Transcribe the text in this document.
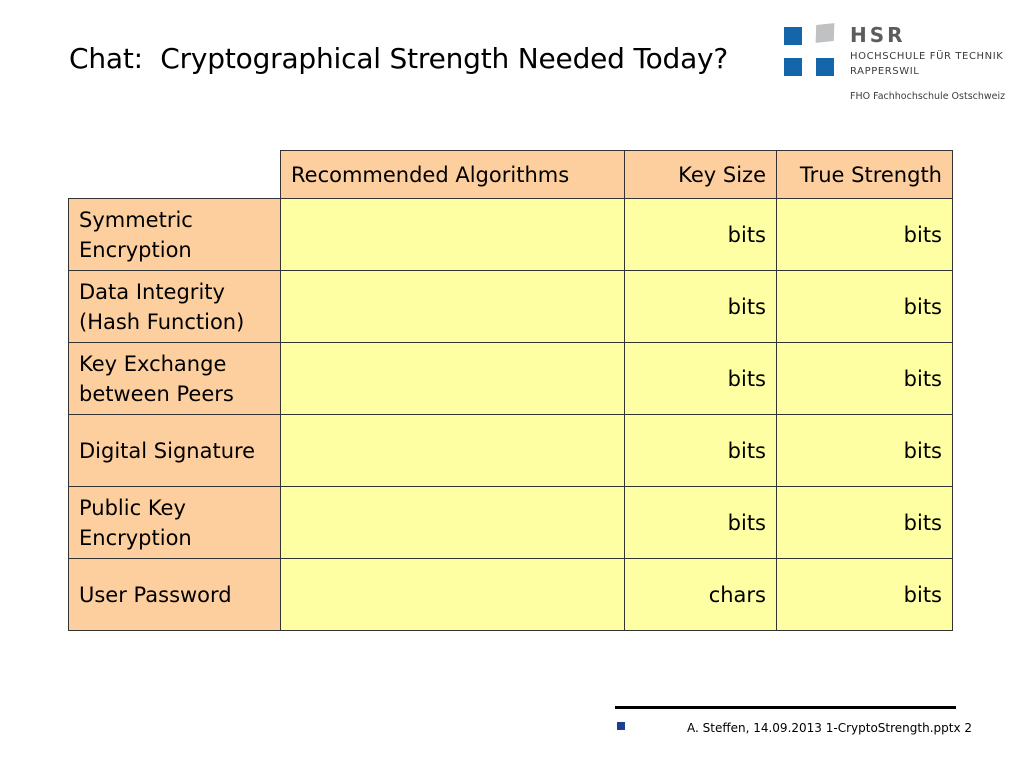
Chat:  Cryptographical Strength Needed Today?
HSR
HOCHSCHULE FÜR TECHNIK
RAPPERSWIL
FHO Fachhochschule Ostschweiz
	Recommended Algorithms	Key Size	True Strength
Symmetric Encryption		bits	bits
Data Integrity (Hash Function)		bits	bits
Key Exchange between Peers		bits	bits
Digital Signature		bits	bits
Public Key Encryption		bits	bits
User Password		chars	bits
A. Steffen, 14.09.2013 1-CryptoStrength.pptx 2
